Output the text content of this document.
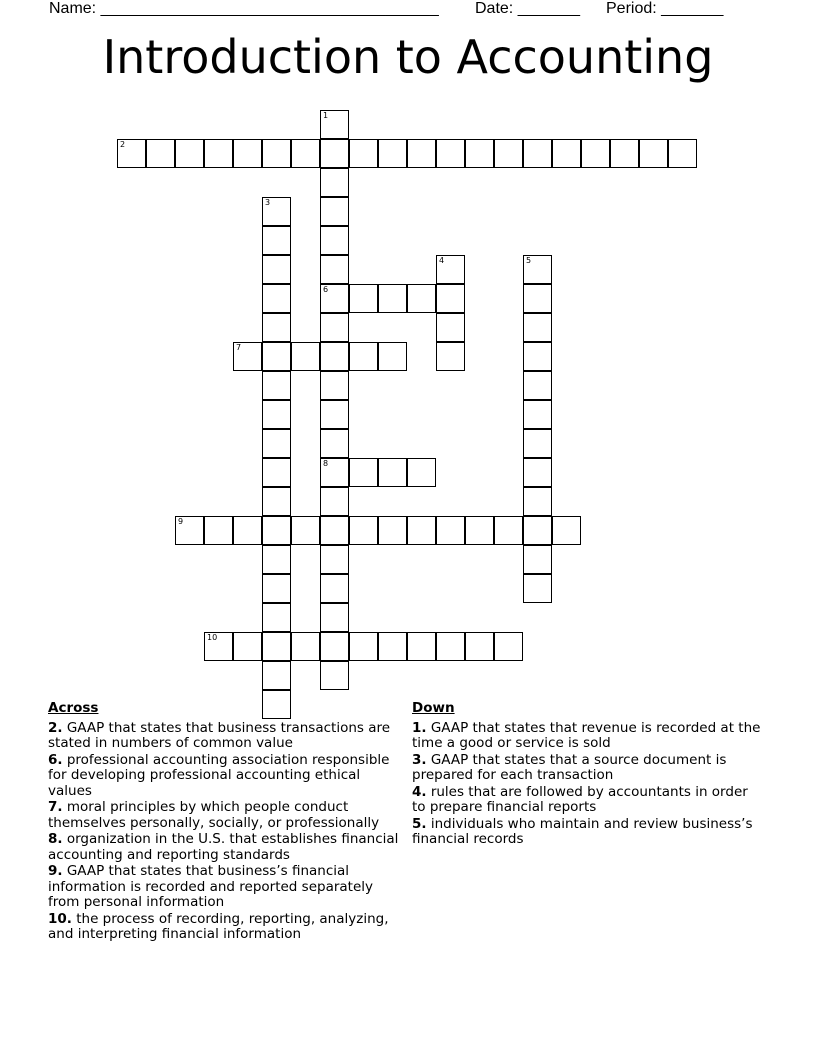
Name: ______________________________________ Date: _______ Period: _______
Introduction to Accounting
1
6
8
2
3
4	5
7
9
10
Across
2. GAAP that states that business transactions are stated in numbers of common value
6. professional accounting association responsible for developing professional accounting ethical values
7. moral principles by which people conduct themselves personally, socially, or professionally
8. organization in the U.S. that establishes financial accounting and reporting standards
9. GAAP that states that business’s financial information is recorded and reported separately from personal information
10. the process of recording, reporting, analyzing, and interpreting financial information
Down
1. GAAP that states that revenue is recorded at the time a good or service is sold
3. GAAP that states that a source document is prepared for each transaction
4. rules that are followed by accountants in order to prepare financial reports
5. individuals who maintain and review business’s financial records
